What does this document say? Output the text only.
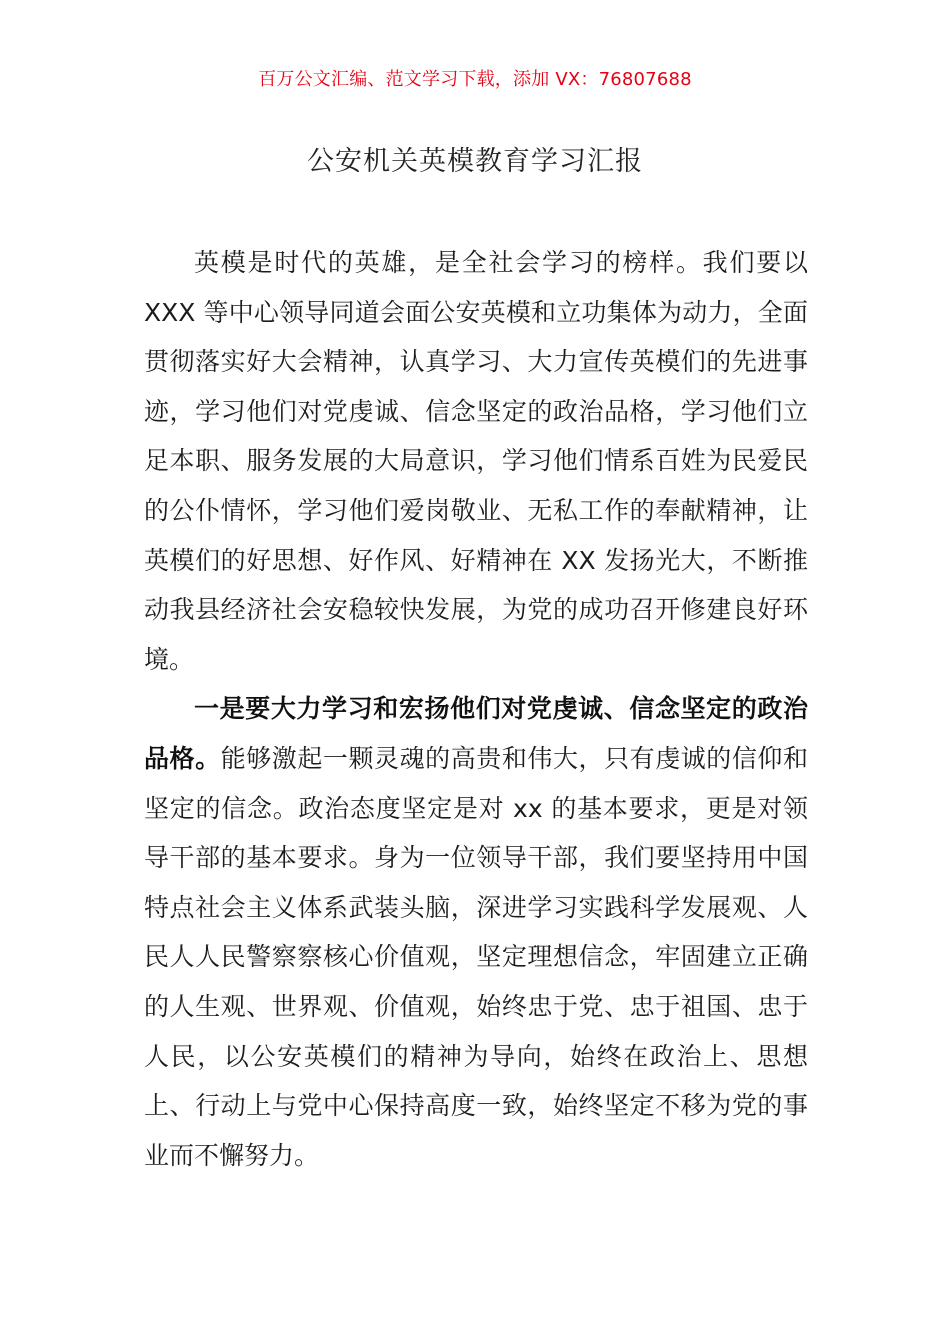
百万公文汇编、范文学习下载，添加 VX：76807688
公安机关英模教育学习汇报

英模是时代的英雄，是全社会学习的榜样。我们要以 XXX 等中心领导同道会面公安英模和立功集体为动力，全面贯彻落实好大会精神，认真学习、大力宣传英模们的先进事迹，学习他们对党虔诚、信念坚定的政治品格，学习他们立足本职、服务发展的大局意识，学习他们情系百姓为民爱民的公仆情怀，学习他们爱岗敬业、无私工作的奉献精神，让英模们的好思想、好作风、好精神在 XX 发扬光大，不断推动我县经济社会安稳较快发展，为党的成功召开修建良好环境。

一是要大力学习和宏扬他们对党虔诚、信念坚定的政治品格。能够激起一颗灵魂的高贵和伟大，只有虔诚的信仰和坚定的信念。政治态度坚定是对 xx 的基本要求，更是对领导干部的基本要求。身为一位领导干部，我们要坚持用中国特点社会主义体系武装头脑，深进学习实践科学发展观、人民人人民警察察核心价值观，坚定理想信念，牢固建立正确的人生观、世界观、价值观，始终忠于党、忠于祖国、忠于人民，以公安英模们的精神为导向，始终在政治上、思想上、行动上与党中心保持高度一致，始终坚定不移为党的事业而不懈努力。
